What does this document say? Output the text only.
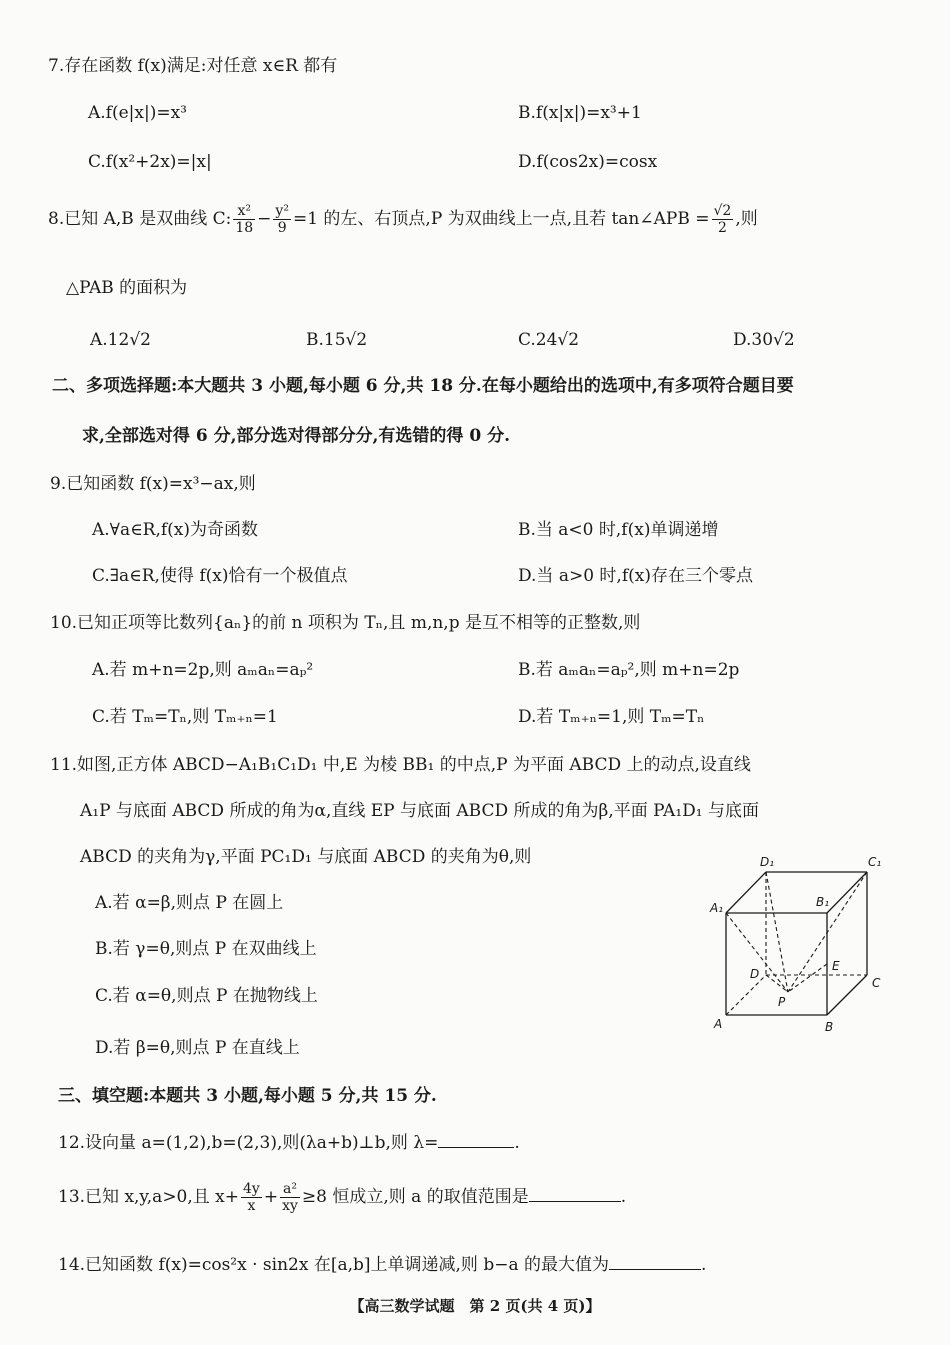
7.存在函数 f(x)满足:对任意 x∈R 都有
A.f(e|x|)=x³	B.f(x|x|)=x³+1
C.f(x²+2x)=|x|	D.f(cos2x)=cosx
8.已知 A,B 是双曲线 C: $\frac{\text{x²}}{18} - \frac{\text{y²}}{9} =1$ 的左、右顶点,P 为双曲线上一点,且若 tan∠APB = $\frac{√2}{2}$ ,则
△PAB 的面积为
A.12√2	B.15√2	C.24√2	D.30√2
二、多项选择题:本大题共 3 小题,每小题 6 分,共 18 分.在每小题给出的选项中,有多项符合题目要
求,全部选对得 6 分,部分选对得部分分,有选错的得 0 分.
9.已知函数 f(x)=x³−ax,则
A.∀a∈R,f(x)为奇函数	B.当 a<0 时,f(x)单调递增
C.∃a∈R,使得 f(x)恰有一个极值点	D.当 a>0 时,f(x)存在三个零点
10.已知正项等比数列{aₙ}的前 n 项积为 Tₙ,且 m,n,p 是互不相等的正整数,则
A.若 m+n=2p,则 aₘaₙ=aₚ²	B.若 aₘaₙ=aₚ²,则 m+n=2p
C.若 Tₘ=Tₙ,则 Tₘ₊ₙ=1	D.若 Tₘ₊ₙ=1,则 Tₘ=Tₙ
11.如图,正方体 ABCD−A₁B₁C₁D₁ 中,E 为棱 BB₁ 的中点,P 为平面 ABCD 上的动点,设直线
A₁P 与底面 ABCD 所成的角为α,直线 EP 与底面 ABCD 所成的角为β,平面 PA₁D₁ 与底面
ABCD 的夹角为γ,平面 PC₁D₁ 与底面 ABCD 的夹角为θ,则
A.若 α=β,则点 P 在圆上
B.若 γ=θ,则点 P 在双曲线上
C.若 α=θ,则点 P 在抛物线上
D.若 β=θ,则点 P 在直线上
D₁	C₁
A₁	B₁
D
E
C
P
A	B
三、填空题:本题共 3 小题,每小题 5 分,共 15 分.
12.设向量 a=(1,2),b=(2,3),则(λa+b)⊥b,则 λ=	.
13.已知 x,y,a>0,且 $x+ \frac{4y}{x} + \frac{\text{a²}}{xy} \ge 8$ 恒成立,则 a 的取值范围是	.
14.已知函数 f(x)=cos²x · sin2x 在[a,b]上单调递减,则 b−a 的最大值为	.
【高三数学试题　第 2 页(共 4 页)】
